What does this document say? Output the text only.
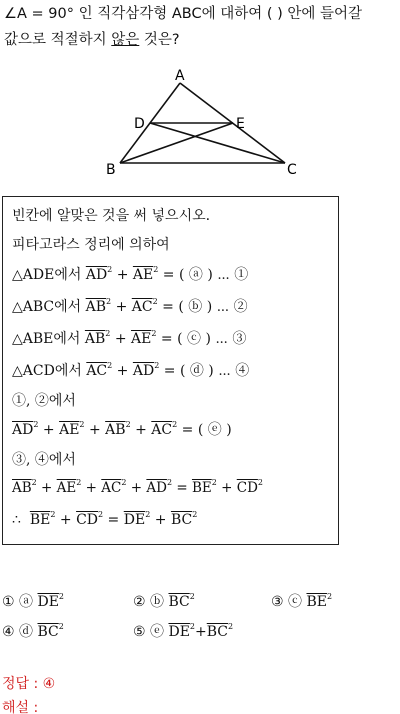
∠A = 90° 인 직각삼각형 ABC에 대하여 ( ) 안에 들어갈
값으로 적절하지 않은 것은?
A
B	C
D	E
빈칸에 알맞은 것을 써 넣으시오.
피타고라스 정리에 의하여
△ADE에서 $\overline{AD}^2 + \overline{AE}^2$ = ( ⓐ ) ⋯ ①
△ABC에서 $\overline{AB}^2 + \overline{AC}^2$ = ( ⓑ ) ⋯ ②
△ABE에서 $\overline{AB}^2 + \overline{AE}^2$ = ( ⓒ ) ⋯ ③
△ACD에서 $\overline{AC}^2 + \overline{AD}^2$ = ( ⓓ ) ⋯ ④
①, ②에서
$\overline{AD}^2 + \overline{AE}^2 + \overline{AB}^2 + \overline{AC}^2$ = ( ⓔ )
③, ④에서
$\overline{AB}^2 + \overline{AE}^2 + \overline{AC}^2 + \overline{AD}^2 = \overline{BE}^2 + \overline{CD}^2$
∴ $\overline{BE}^2 + \overline{CD}^2 = \overline{DE}^2 + \overline{BC}^2$
① ⓐ $\overline{DE}^2$	② ⓑ $\overline{BC}^2$	③ ⓒ $\overline{BE}^2$
④ ⓓ $\overline{BC}^2$	⑤ ⓔ $\overline{DE}^2+\overline{BC}^2$
정답 : ④
해설 :
